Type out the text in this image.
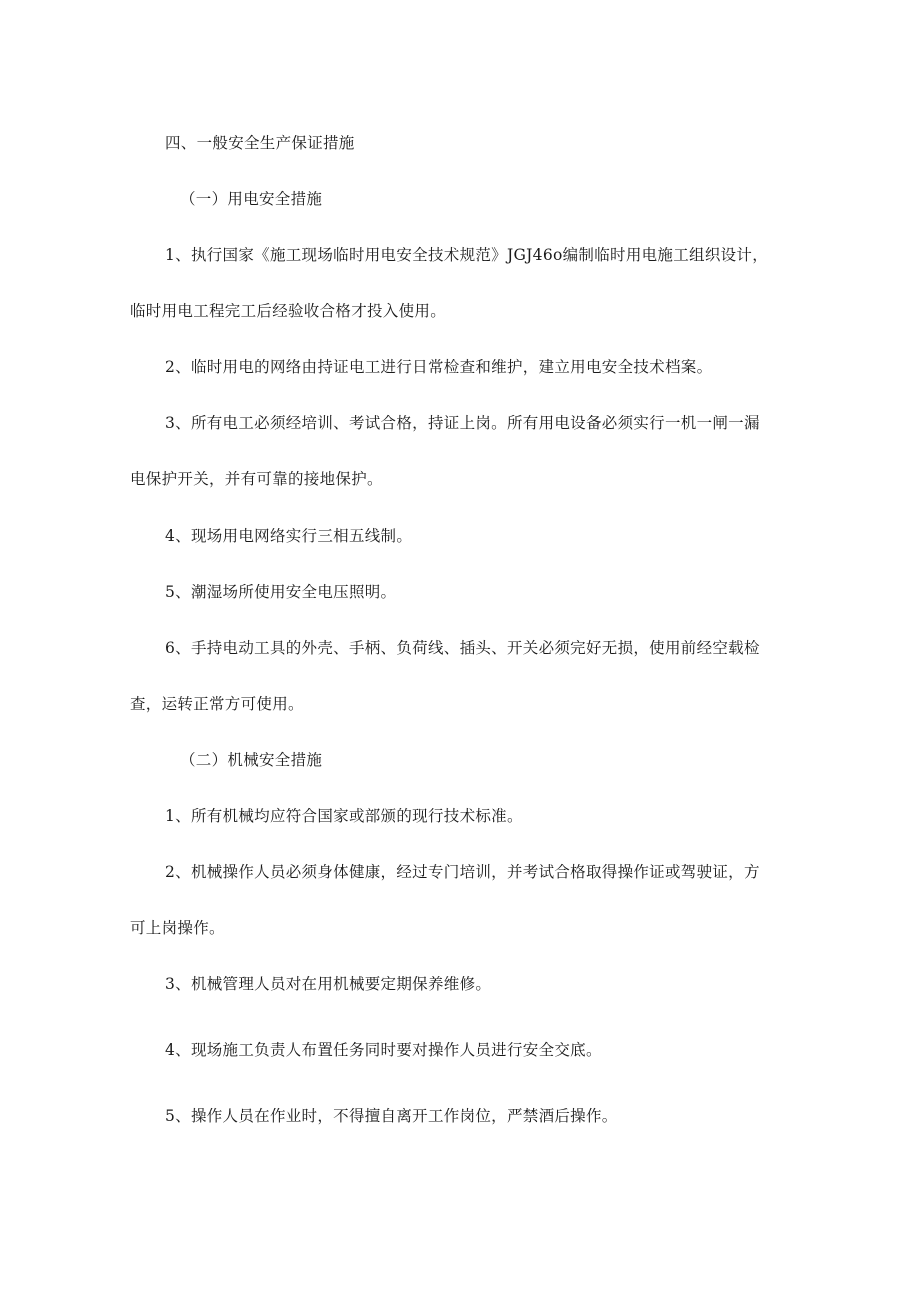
四、一般安全生产保证措施
（一）用电安全措施
1、执行国家《施工现场临时用电安全技术规范》JGJ46o编制临时用电施工组织设计，
临时用电工程完工后经验收合格才投入使用。
2、临时用电的网络由持证电工进行日常检查和维护，建立用电安全技术档案。
3、所有电工必须经培训、考试合格，持证上岗。所有用电设备必须实行一机一闸一漏
电保护开关，并有可靠的接地保护。
4、现场用电网络实行三相五线制。
5、潮湿场所使用安全电压照明。
6、手持电动工具的外壳、手柄、负荷线、插头、开关必须完好无损，使用前经空载检
查，运转正常方可使用。
（二）机械安全措施
1、所有机械均应符合国家或部颁的现行技术标准。
2、机械操作人员必须身体健康，经过专门培训，并考试合格取得操作证或驾驶证，方
可上岗操作。
3、机械管理人员对在用机械要定期保养维修。
4、现场施工负责人布置任务同时要对操作人员进行安全交底。
5、操作人员在作业时，不得擅自离开工作岗位，严禁酒后操作。
